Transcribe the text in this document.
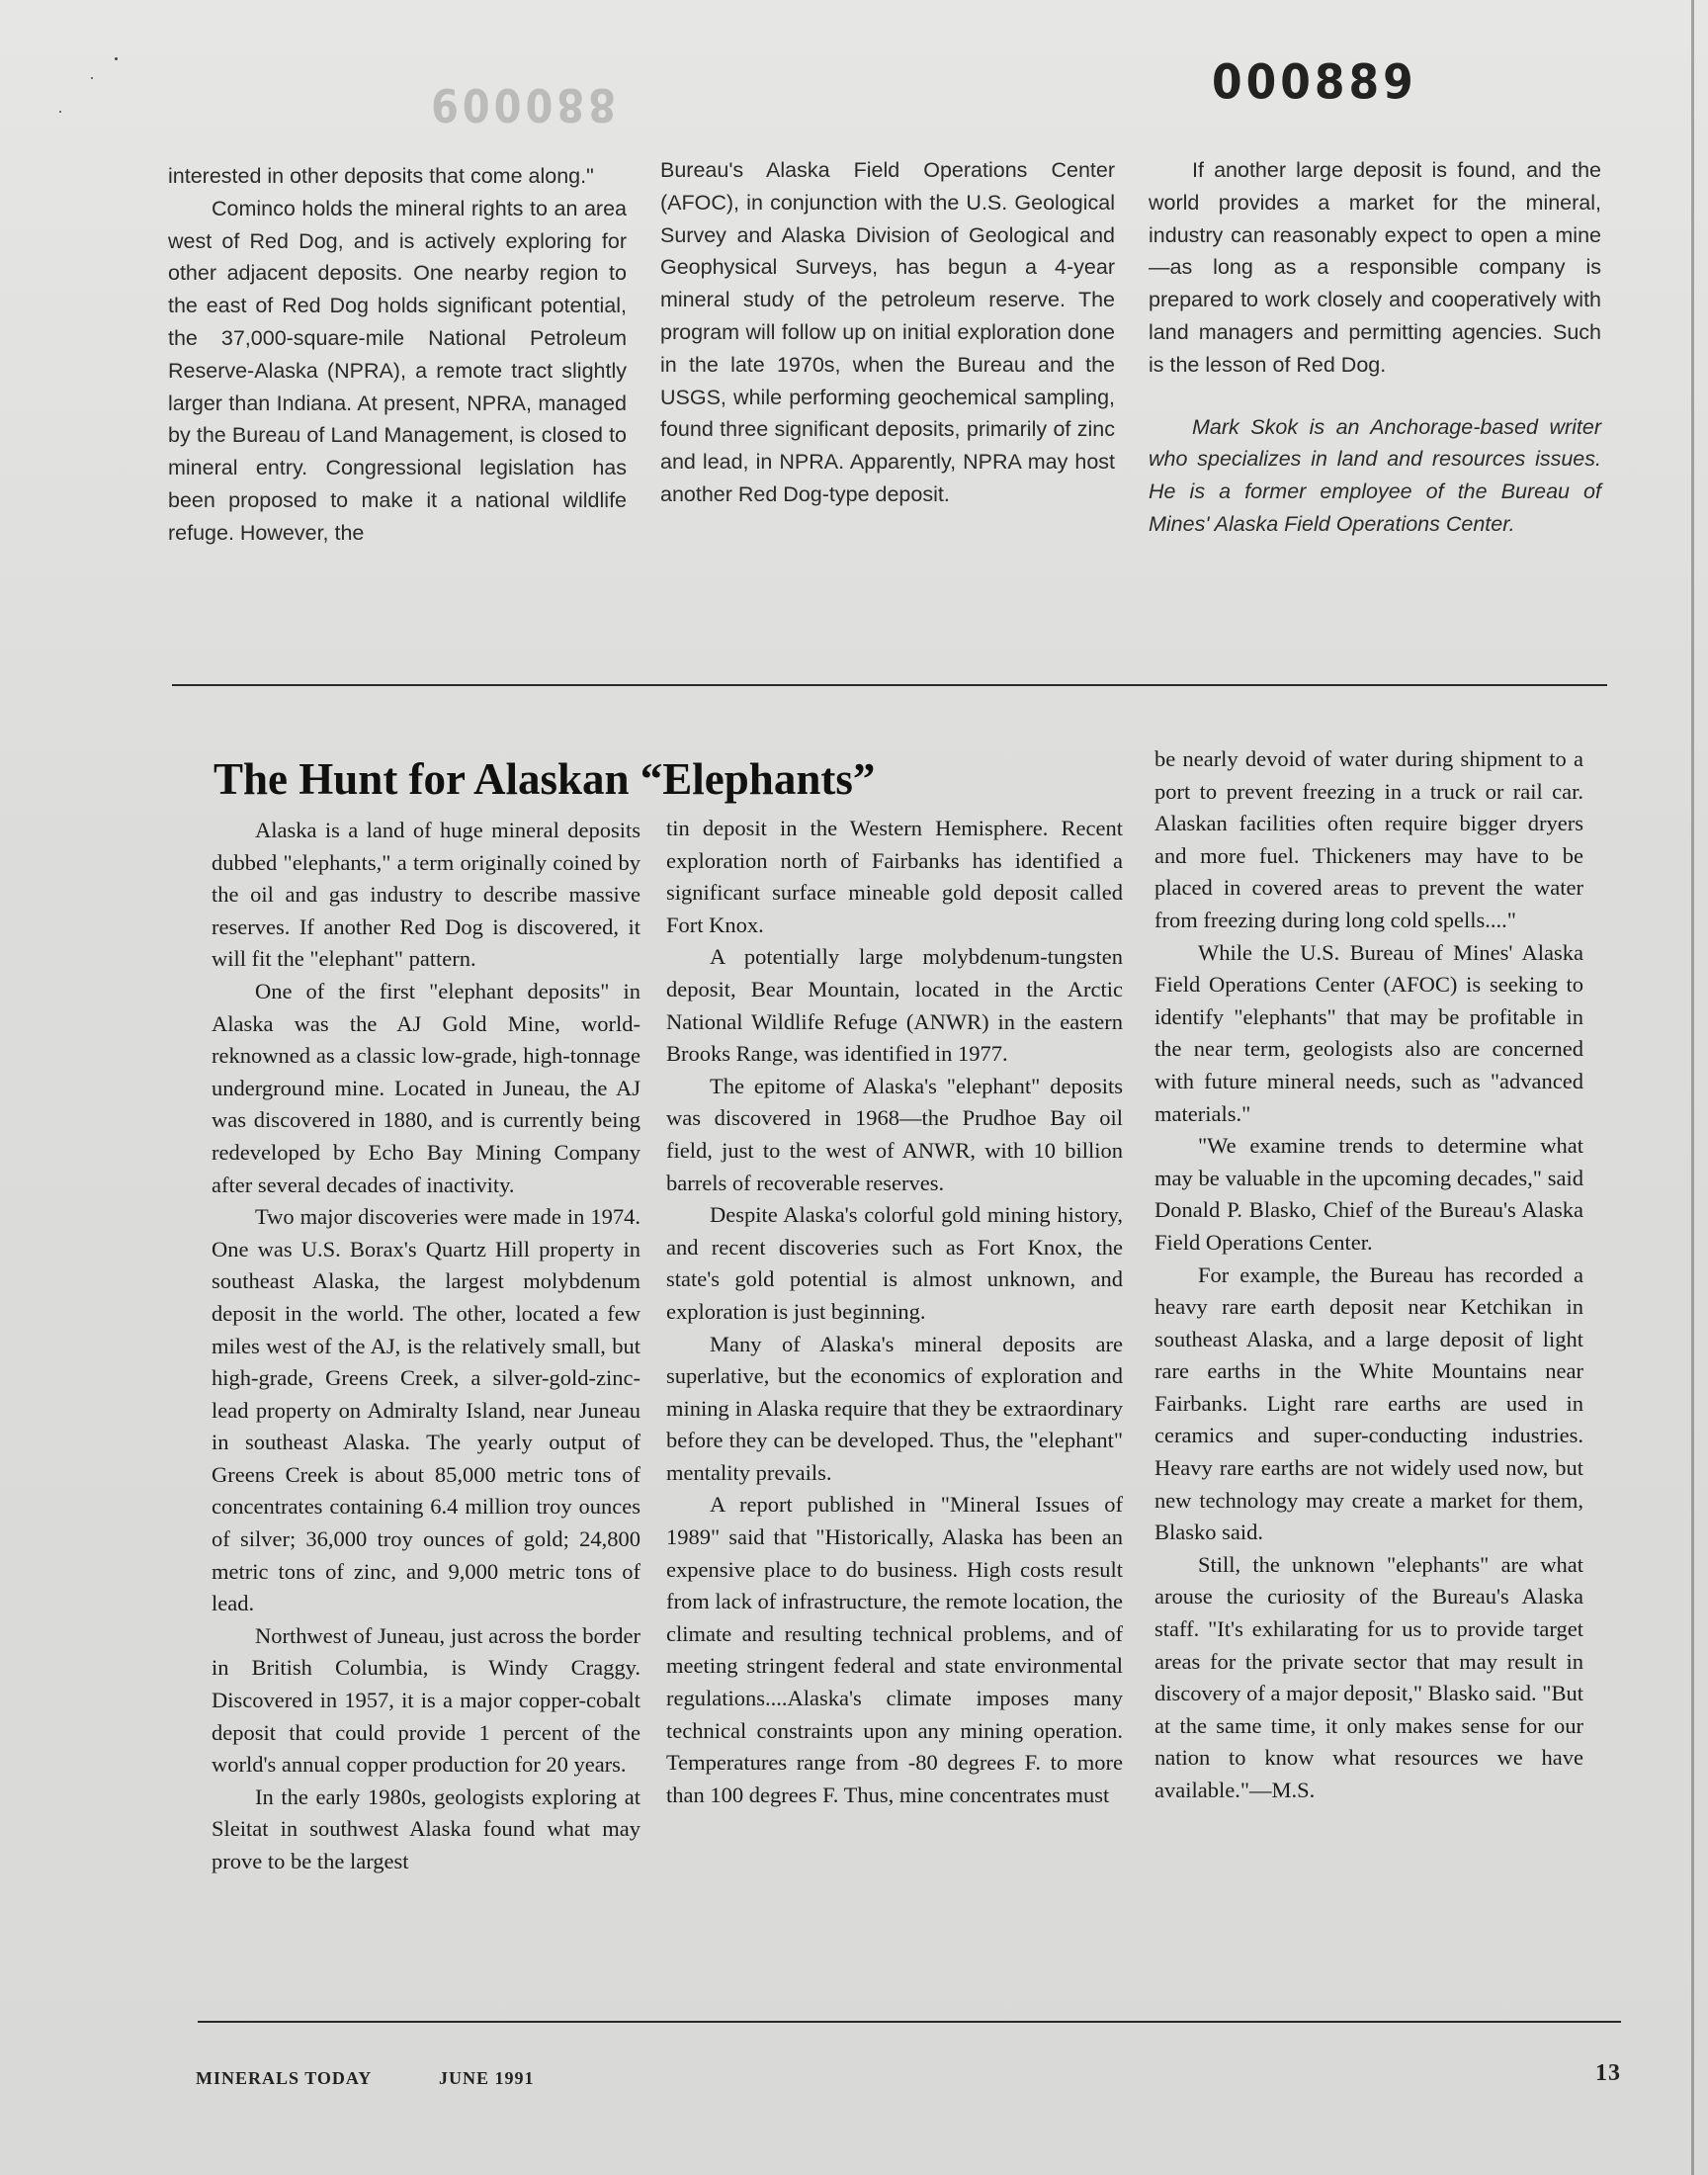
880009	000889

interested in other deposits that come along."

Cominco holds the mineral rights to an area west of Red Dog, and is actively exploring for other adjacent deposits. One nearby region to the east of Red Dog holds significant potential, the 37,000-square-mile National Petroleum Reserve-Alaska (NPRA), a remote tract slightly larger than Indiana. At present, NPRA, managed by the Bureau of Land Management, is closed to mineral entry. Congressional legislation has been proposed to make it a national wildlife refuge. However, the

Bureau's Alaska Field Operations Center (AFOC), in conjunction with the U.S. Geological Survey and Alaska Division of Geological and Geophysical Surveys, has begun a 4-year mineral study of the petroleum reserve. The program will follow up on initial exploration done in the late 1970s, when the Bureau and the USGS, while performing geochemical sampling, found three significant deposits, primarily of zinc and lead, in NPRA. Apparently, NPRA may host another Red Dog-type deposit.

If another large deposit is found, and the world provides a market for the mineral, industry can reasonably expect to open a mine—as long as a responsible company is prepared to work closely and cooperatively with land managers and permitting agencies. Such is the lesson of Red Dog.

Mark Skok is an Anchorage-based writer who specializes in land and resources issues. He is a former employee of the Bureau of Mines' Alaska Field Operations Center.

The Hunt for Alaskan “Elephants”

Alaska is a land of huge mineral deposits dubbed "elephants," a term originally coined by the oil and gas industry to describe massive reserves. If another Red Dog is discovered, it will fit the "elephant" pattern.

One of the first "elephant deposits" in Alaska was the AJ Gold Mine, world-reknowned as a classic low-grade, high-tonnage underground mine. Located in Juneau, the AJ was discovered in 1880, and is currently being redeveloped by Echo Bay Mining Company after several decades of inactivity.

Two major discoveries were made in 1974. One was U.S. Borax's Quartz Hill property in southeast Alaska, the largest molybdenum deposit in the world. The other, located a few miles west of the AJ, is the relatively small, but high-grade, Greens Creek, a silver-gold-zinc-lead property on Admiralty Island, near Juneau in southeast Alaska. The yearly output of Greens Creek is about 85,000 metric tons of concentrates containing 6.4 million troy ounces of silver; 36,000 troy ounces of gold; 24,800 metric tons of zinc, and 9,000 metric tons of lead.

Northwest of Juneau, just across the border in British Columbia, is Windy Craggy. Discovered in 1957, it is a major copper-cobalt deposit that could provide 1 percent of the world's annual copper production for 20 years.

In the early 1980s, geologists exploring at Sleitat in southwest Alaska found what may prove to be the largest

tin deposit in the Western Hemisphere. Recent exploration north of Fairbanks has identified a significant surface mineable gold deposit called Fort Knox.

A potentially large molybdenum-tungsten deposit, Bear Mountain, located in the Arctic National Wildlife Refuge (ANWR) in the eastern Brooks Range, was identified in 1977.

The epitome of Alaska's "elephant" deposits was discovered in 1968—the Prudhoe Bay oil field, just to the west of ANWR, with 10 billion barrels of recoverable reserves.

Despite Alaska's colorful gold mining history, and recent discoveries such as Fort Knox, the state's gold potential is almost unknown, and exploration is just beginning.

Many of Alaska's mineral deposits are superlative, but the economics of exploration and mining in Alaska require that they be extraordinary before they can be developed. Thus, the "elephant" mentality prevails.

A report published in "Mineral Issues of 1989" said that "Historically, Alaska has been an expensive place to do business. High costs result from lack of infrastructure, the remote location, the climate and resulting technical problems, and of meeting stringent federal and state environmental regulations....Alaska's climate imposes many technical constraints upon any mining operation. Temperatures range from -80 degrees F. to more than 100 degrees F. Thus, mine concentrates must

be nearly devoid of water during shipment to a port to prevent freezing in a truck or rail car. Alaskan facilities often require bigger dryers and more fuel. Thickeners may have to be placed in covered areas to prevent the water from freezing during long cold spells...."

While the U.S. Bureau of Mines' Alaska Field Operations Center (AFOC) is seeking to identify "elephants" that may be profitable in the near term, geologists also are concerned with future mineral needs, such as "advanced materials."

"We examine trends to determine what may be valuable in the upcoming decades," said Donald P. Blasko, Chief of the Bureau's Alaska Field Operations Center.

For example, the Bureau has recorded a heavy rare earth deposit near Ketchikan in southeast Alaska, and a large deposit of light rare earths in the White Mountains near Fairbanks. Light rare earths are used in ceramics and super-conducting industries. Heavy rare earths are not widely used now, but new technology may create a market for them, Blasko said.

Still, the unknown "elephants" are what arouse the curiosity of the Bureau's Alaska staff. "It's exhilarating for us to provide target areas for the private sector that may result in discovery of a major deposit," Blasko said. "But at the same time, it only makes sense for our nation to know what resources we have available."—M.S.

MINERALS TODAY	JUNE 1991	13
